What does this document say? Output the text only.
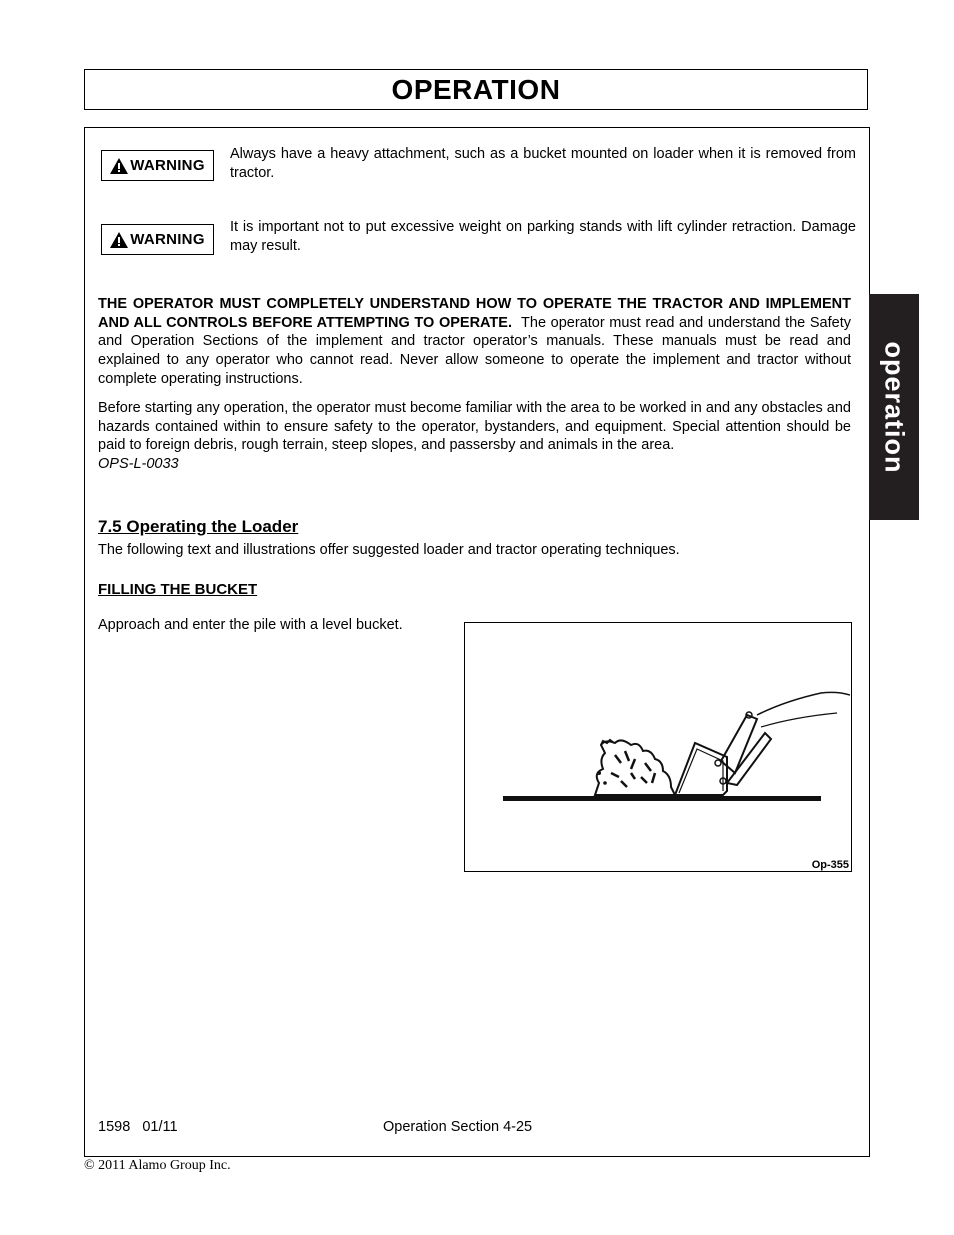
OPERATION
operation
WARNING
Always have a heavy attachment, such as a bucket mounted on loader when it is removed from tractor.
WARNING
It is important not to put excessive weight on parking stands with lift cylinder retraction. Damage may result.

THE OPERATOR MUST COMPLETELY UNDERSTAND HOW TO OPERATE THE TRACTOR AND IMPLEMENT AND ALL CONTROLS BEFORE ATTEMPTING TO OPERATE. The operator must read and understand the Safety and Operation Sections of the implement and tractor operator’s manuals. These manuals must be read and explained to any operator who cannot read. Never allow someone to operate the implement and tractor without complete operating instructions.

Before starting any operation, the operator must become familiar with the area to be worked in and any obstacles and hazards contained within to ensure safety to the operator, bystanders, and equipment. Special attention should be paid to foreign debris, rough terrain, steep slopes, and passersby and animals in the area.
OPS-L-0033

7.5 Operating the Loader
The following text and illustrations offer suggested loader and tractor operating techniques.
FILLING THE BUCKET
Approach and enter the pile with a level bucket.
Op-355
1598   01/11	Operation Section 4-25
© 2011 Alamo Group Inc.
